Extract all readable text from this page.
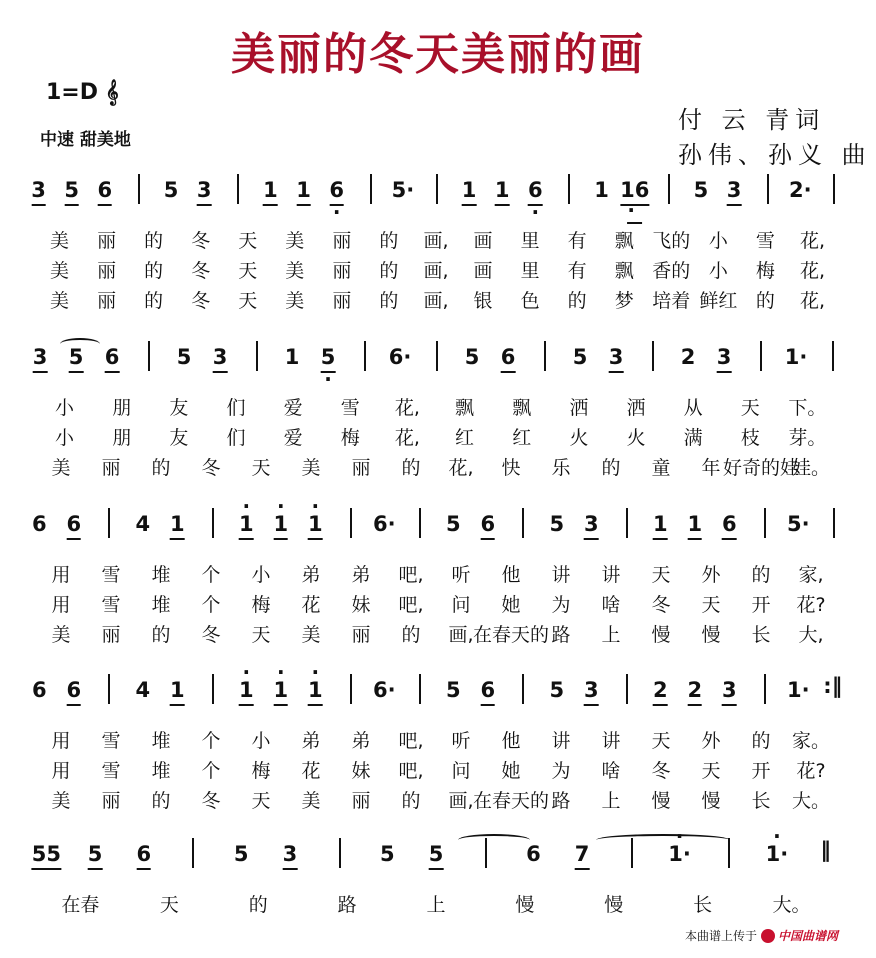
美丽的冬天美丽的画
1=D 𝄞
中速 甜美地
付 云 青词
孙伟、孙义 曲
3 5 6 5 3 1 1 · 6 5· 1 1 · 6 1 · 16 5 3 2·
美 丽 的 冬 天 美 丽 的 画, 画 里 有 飘 飞的 小 雪 花,
美 丽 的 冬 天 美 丽 的 画, 画 里 有 飘 香的 小 梅 花,
美 丽 的 冬 天 美 丽 的 画, 银 色 的 梦 培着 鲜红 的 花,
3 5 6	5 3	1 · 5	6·	5 6	5 3	2 3	1·
小 朋 友 们 爱 雪 花, 飘 飘 洒 洒 从 天 下。
小 朋 友 们 爱 梅 花, 红 红 火 火 满 枝 芽。
美 丽 的 冬 天 美 丽 的 花, 快 乐 的 童 年 好奇的娃
娃。
6 6	4 1	· 1 · 1 · 1 6· 5 6	5 3	1 1 6 5·
用 雪 堆 个 小 弟 弟 吧, 听 他 讲 讲 天 外 的 家,
用 雪 堆 个 梅 花 妹 吧, 问 她 为 啥 冬 天 开 花?
美 丽 的 冬 天 美 丽 的 画, 在春天的 路 上 慢 慢 长 大,
6 6	4 1	· 1 · 1 · 1 6· 5 6	5 3	2 2 3 1· :‖
用 雪 堆 个 小 弟 弟 吧, 听 他 讲 讲 天 外 的 家。
用 雪 堆 个 梅 花 妹 吧, 问 她 为 啥 冬 天 开 花?
美 丽 的 冬 天 美 丽 的 画, 在春天的 路 上 慢 慢 长 大。
55 5 6	5 3	5 5	6 7	· 1·	· 1· ‖
在春	天	的	路	上	慢	慢	长	大。
本曲谱上传于 中国曲谱网
